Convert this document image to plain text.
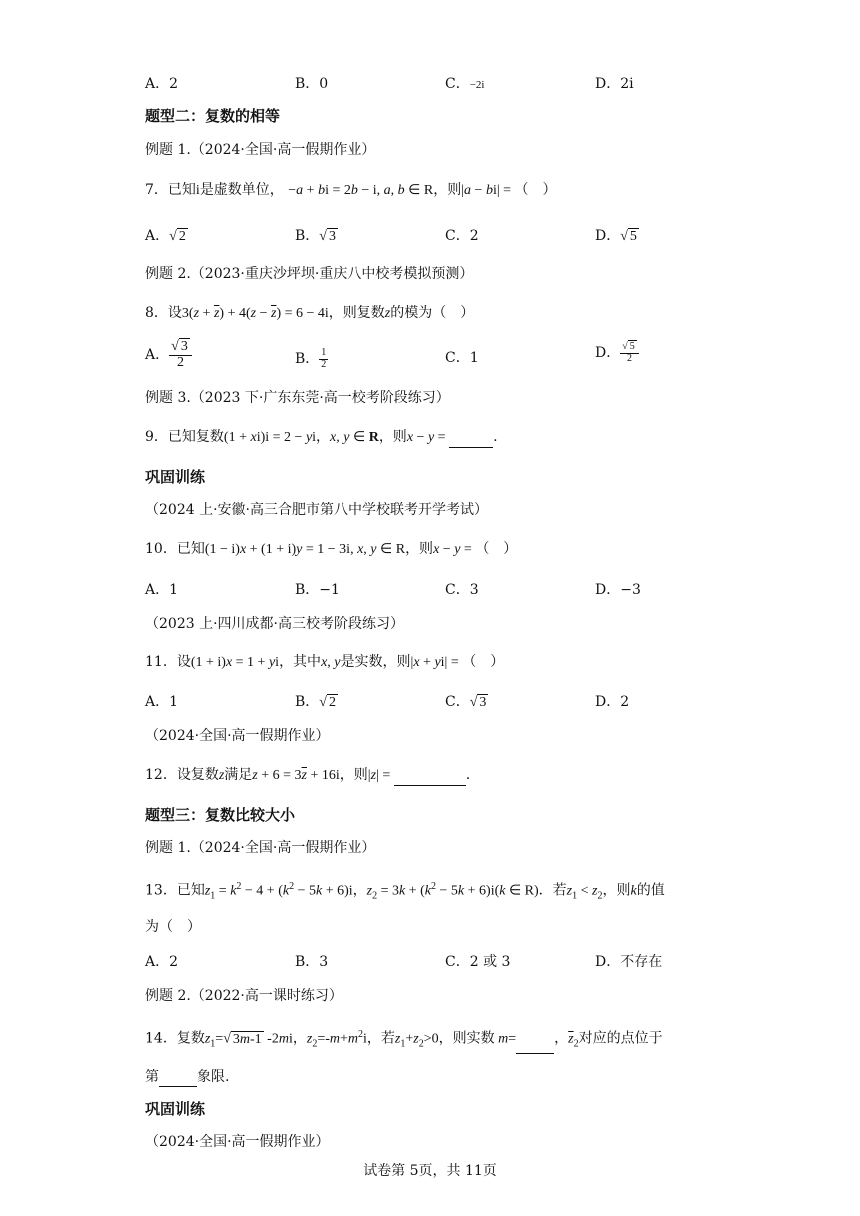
A．2	B．0	C．−2i	D．2i
题型二：复数的相等
例题 1.（2024·全国·高一假期作业）
7．已知i是虚数单位， −a + bi = 2b − i, a, b ∈ R，则|a − bi| = （　）
A．√ 2	B．√ 3	C．2	D．√ 5
例题 2.（2023·重庆沙坪坝·重庆八中校考模拟预测）
8．设$3(z + \overline{z}) + 4(z - \overline{z}) = 6 - 4i$，则复数z的模为（　）
A． $\frac{√ 3}{2}$	B． $\frac{1}{2}$	C．1	D． $\frac{√ 5}{2}$
例题 3.（2023 下·广东东莞·高一校考阶段练习）
9．已知复数(1 + xi)i = 2 − yi，x, y ∈ R，则x − y =	.
巩固训练
（2024 上·安徽·高三合肥市第八中学校联考开学考试）
10．已知(1 − i)x + (1 + i)y = 1 − 3i, x, y ∈ R，则x − y = （　）
A．1	B．−1	C．3	D．−3
（2023 上·四川成都·高三校考阶段练习）
11．设(1 + i)x = 1 + yi，其中x, y是实数，则|x + yi| = （　）
A．1	B．√ 2	C．√ 3	D．2
（2024·全国·高一假期作业）
12．设复数z满足$z + 6 = 3\overline{z} + 16i$，则|z| =	.
题型三：复数比较大小
例题 1.（2024·全国·高一假期作业）
13．已知$z_1 = k^2 - 4 + (k^2 - 5k + 6)i$，$z_2 = 3k + (k^2 - 5k + 6)i(k$ ∈ R)．若$z_1 < z_2$，则k的值
为（　）
A．2	B．3	C．2 或 3	D．不存在
例题 2.（2022·高一课时练习）
14．复数$z_1=√$ 3m-1 -2mi，$z_2=-m+m^2i$，若$z_1+z_2>0$，则实数 m=	，$\overline{z}_2$对应的点位于
第	象限.
巩固训练
（2024·全国·高一假期作业）
试卷第 5页，共 11页
